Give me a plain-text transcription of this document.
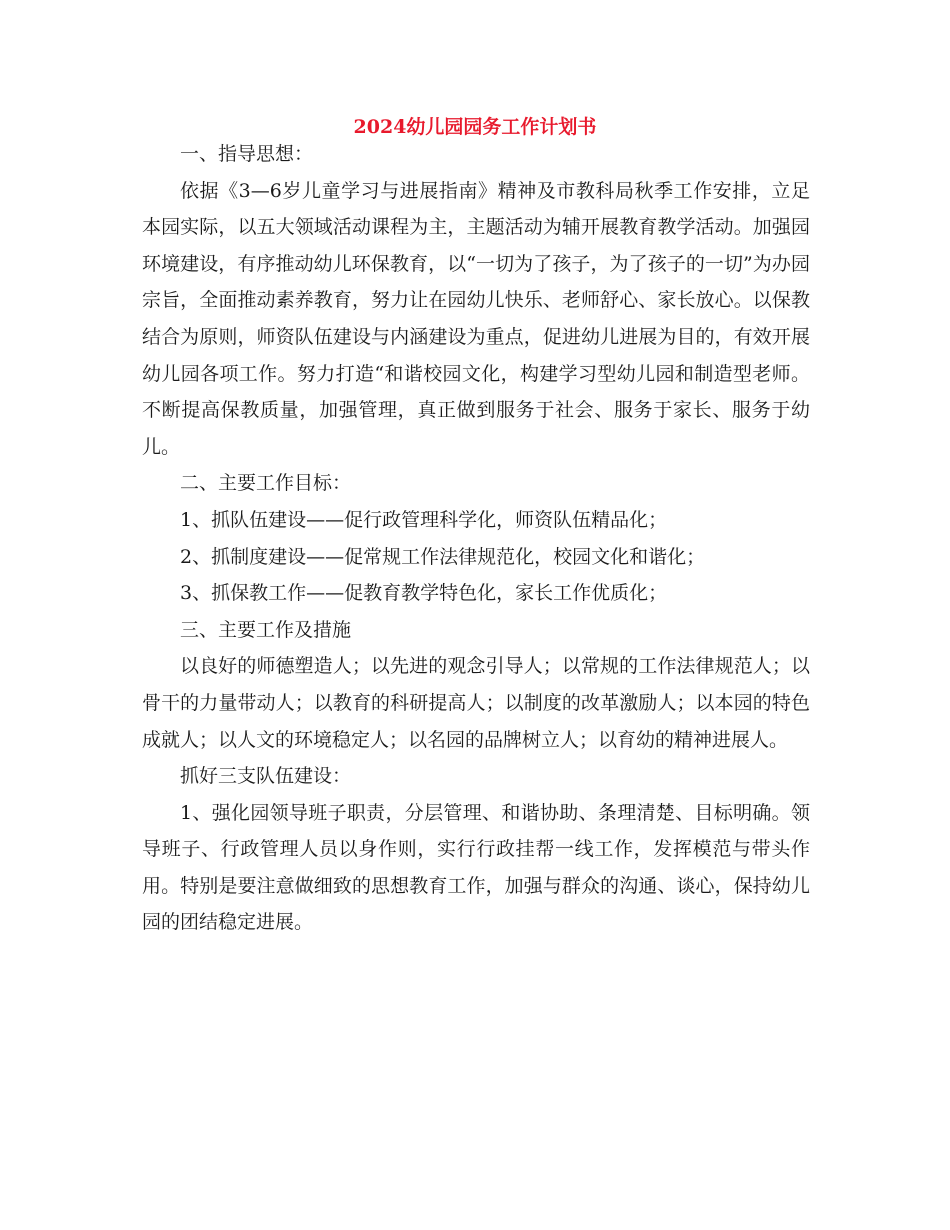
2024幼儿园园务工作计划书

一、指导思想：

依据《3—6岁儿童学习与进展指南》精神及市教科局秋季工作安排，立足本园实际，以五大领域活动课程为主，主题活动为辅开展教育教学活动。加强园环境建设，有序推动幼儿环保教育，以“一切为了孩子，为了孩子的一切”为办园宗旨，全面推动素养教育，努力让在园幼儿快乐、老师舒心、家长放心。以保教结合为原则，师资队伍建设与内涵建设为重点，促进幼儿进展为目的，有效开展幼儿园各项工作。努力打造“和谐校园文化，构建学习型幼儿园和制造型老师。不断提高保教质量，加强管理，真正做到服务于社会、服务于家长、服务于幼儿。

二、主要工作目标：

1、抓队伍建设——促行政管理科学化，师资队伍精品化；

2、抓制度建设——促常规工作法律规范化，校园文化和谐化；

3、抓保教工作——促教育教学特色化，家长工作优质化；

三、主要工作及措施

以良好的师德塑造人；以先进的观念引导人；以常规的工作法律规范人；以骨干的力量带动人；以教育的科研提高人；以制度的改革激励人；以本园的特色成就人；以人文的环境稳定人；以名园的品牌树立人；以育幼的精神进展人。

抓好三支队伍建设：

1、强化园领导班子职责，分层管理、和谐协助、条理清楚、目标明确。领导班子、行政管理人员以身作则，实行行政挂帮一线工作，发挥模范与带头作用。特别是要注意做细致的思想教育工作，加强与群众的沟通、谈心，保持幼儿园的团结稳定进展。
